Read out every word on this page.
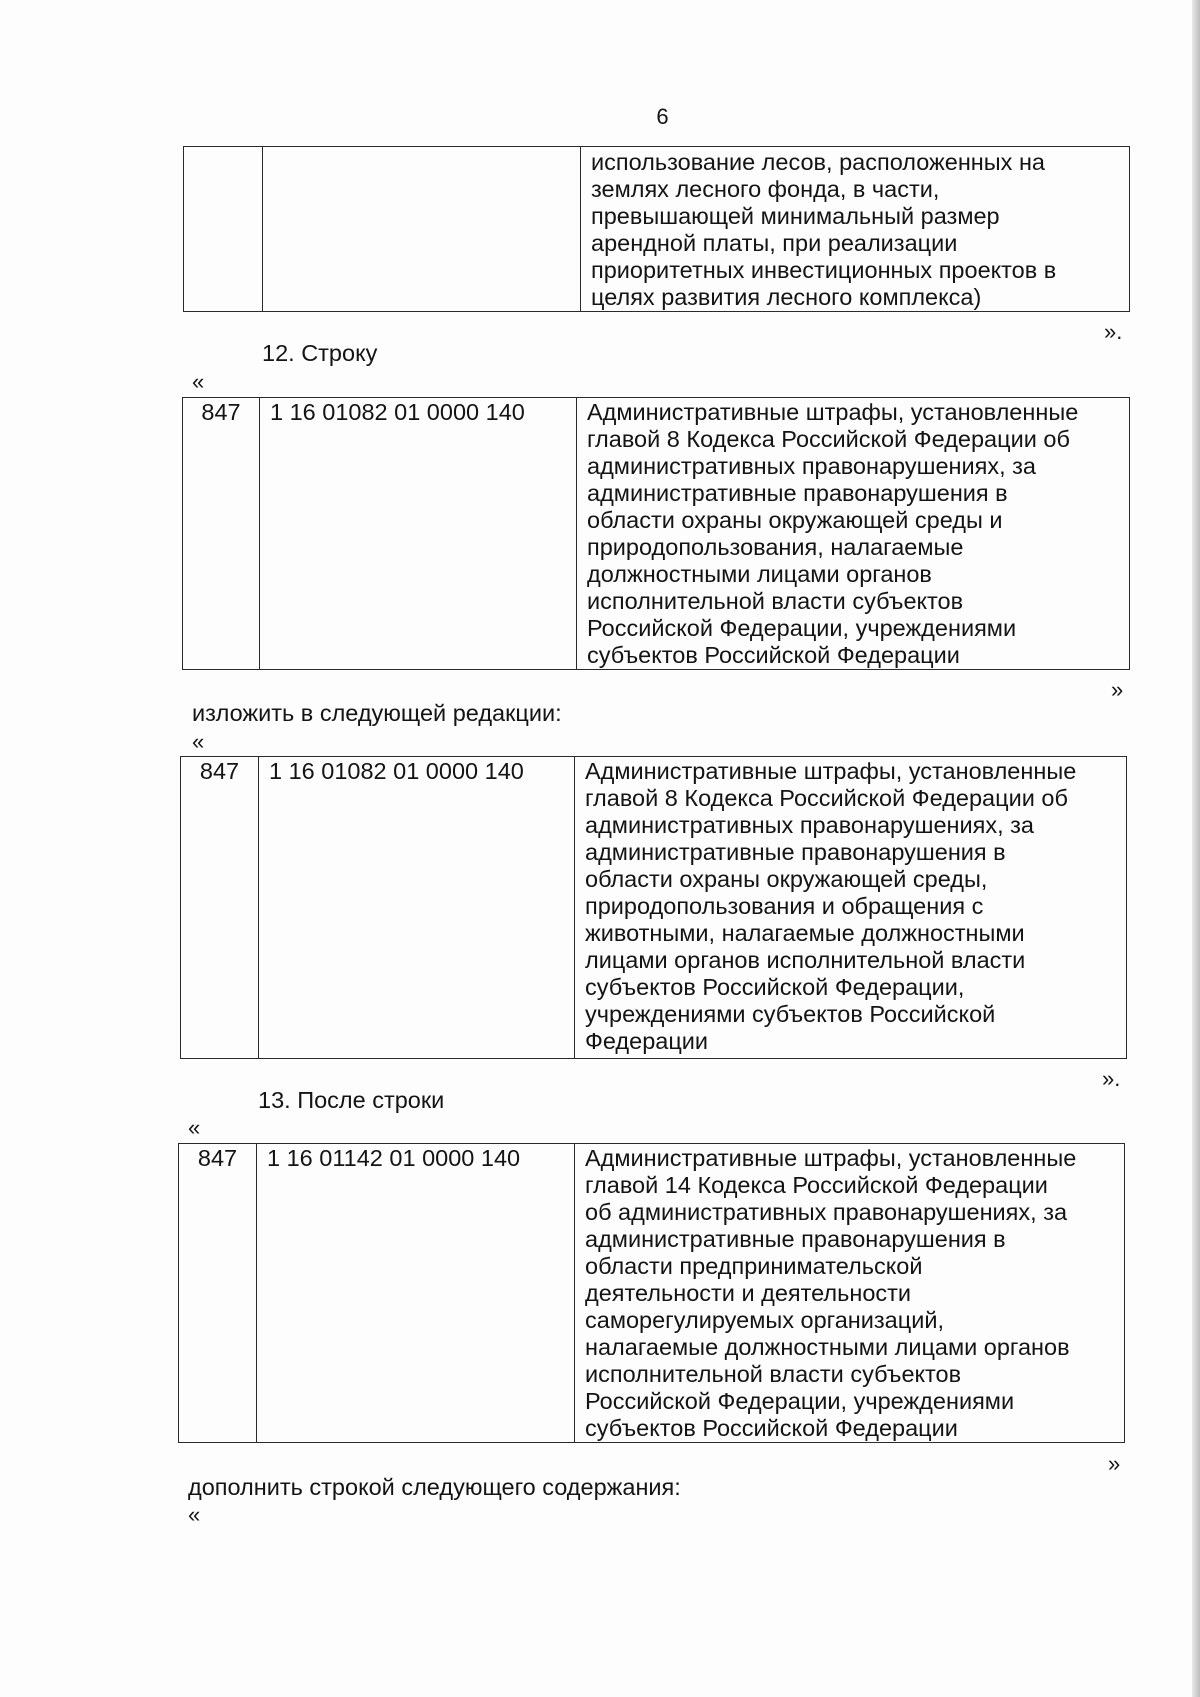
6

использование лесов, расположенных на
землях лесного фонда, в части,
превышающей минимальный размер
арендной платы, при реализации
приоритетных инвестиционных проектов в
целях развития лесного комплекса)
».
12. Строку
«
847	1 16 01082 01 0000 140	Административные штрафы, установленные
главой 8 Кодекса Российской Федерации об
административных правонарушениях, за
административные правонарушения в
области охраны окружающей среды и
природопользования, налагаемые
должностными лицами органов
исполнительной власти субъектов
Российской Федерации, учреждениями
субъектов Российской Федерации
»
изложить в следующей редакции:
«
847	1 16 01082 01 0000 140	Административные штрафы, установленные
главой 8 Кодекса Российской Федерации об
административных правонарушениях, за
административные правонарушения в
области охраны окружающей среды,
природопользования и обращения с
животными, налагаемые должностными
лицами органов исполнительной власти
субъектов Российской Федерации,
учреждениями субъектов Российской
Федерации
».
13. После строки
«
847	1 16 01142 01 0000 140	Административные штрафы, установленные
главой 14 Кодекса Российской Федерации
об административных правонарушениях, за
административные правонарушения в
области предпринимательской
деятельности и деятельности
саморегулируемых организаций,
налагаемые должностными лицами органов
исполнительной власти субъектов
Российской Федерации, учреждениями
субъектов Российской Федерации
»
дополнить строкой следующего содержания:
«
